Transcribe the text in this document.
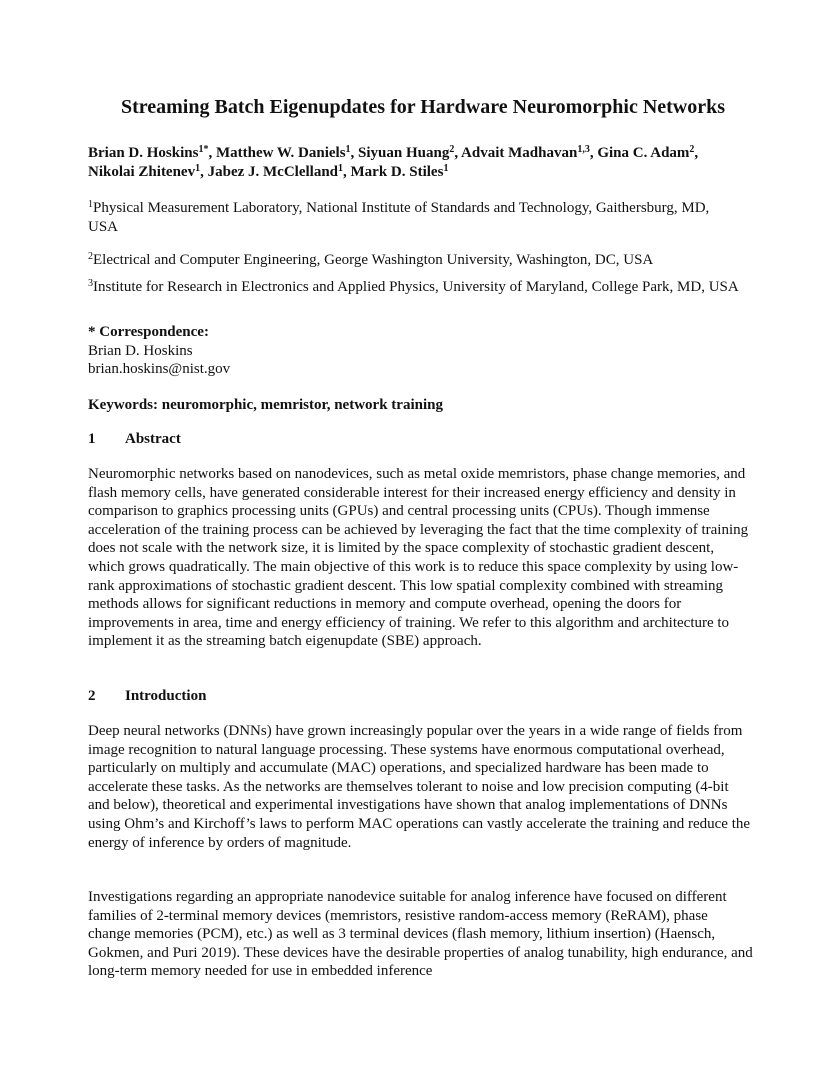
Streaming Batch Eigenupdates for Hardware Neuromorphic Networks
Brian D. Hoskins$^{1*}$, Matthew W. Daniels$^1$, Siyuan Huang$^2$, Advait Madhavan$^{1,3}$, Gina C. Adam$^2$, Nikolai Zhitenev$^1$, Jabez J. McClelland$^1$, Mark D. Stiles$^1$
$^1$Physical Measurement Laboratory, National Institute of Standards and Technology, Gaithersburg, MD, USA
$^2$Electrical and Computer Engineering, George Washington University, Washington, DC, USA
$^3$Institute for Research in Electronics and Applied Physics, University of Maryland, College Park, MD, USA
* Correspondence:
Brian D. Hoskins
brian.hoskins@nist.gov
Keywords: neuromorphic, memristor, network training
1 Abstract

Neuromorphic networks based on nanodevices, such as metal oxide memristors, phase change memories, and flash memory cells, have generated considerable interest for their increased energy efficiency and density in comparison to graphics processing units (GPUs) and central processing units (CPUs). Though immense acceleration of the training process can be achieved by leveraging the fact that the time complexity of training does not scale with the network size, it is limited by the space complexity of stochastic gradient descent, which grows quadratically. The main objective of this work is to reduce this space complexity by using low-rank approximations of stochastic gradient descent. This low spatial complexity combined with streaming methods allows for significant reductions in memory and compute overhead, opening the doors for improvements in area, time and energy efficiency of training. We refer to this algorithm and architecture to implement it as the streaming batch eigenupdate (SBE) approach.

2 Introduction

Deep neural networks (DNNs) have grown increasingly popular over the years in a wide range of fields from image recognition to natural language processing. These systems have enormous computational overhead, particularly on multiply and accumulate (MAC) operations, and specialized hardware has been made to accelerate these tasks. As the networks are themselves tolerant to noise and low precision computing (4-bit and below), theoretical and experimental investigations have shown that analog implementations of DNNs using Ohm’s and Kirchoff’s laws to perform MAC operations can vastly accelerate the training and reduce the energy of inference by orders of magnitude.

Investigations regarding an appropriate nanodevice suitable for analog inference have focused on different families of 2-terminal memory devices (memristors, resistive random-access memory (ReRAM), phase change memories (PCM), etc.) as well as 3 terminal devices (flash memory, lithium insertion) (Haensch, Gokmen, and Puri 2019). These devices have the desirable properties of analog tunability, high endurance, and long-term memory needed for use in embedded inference
